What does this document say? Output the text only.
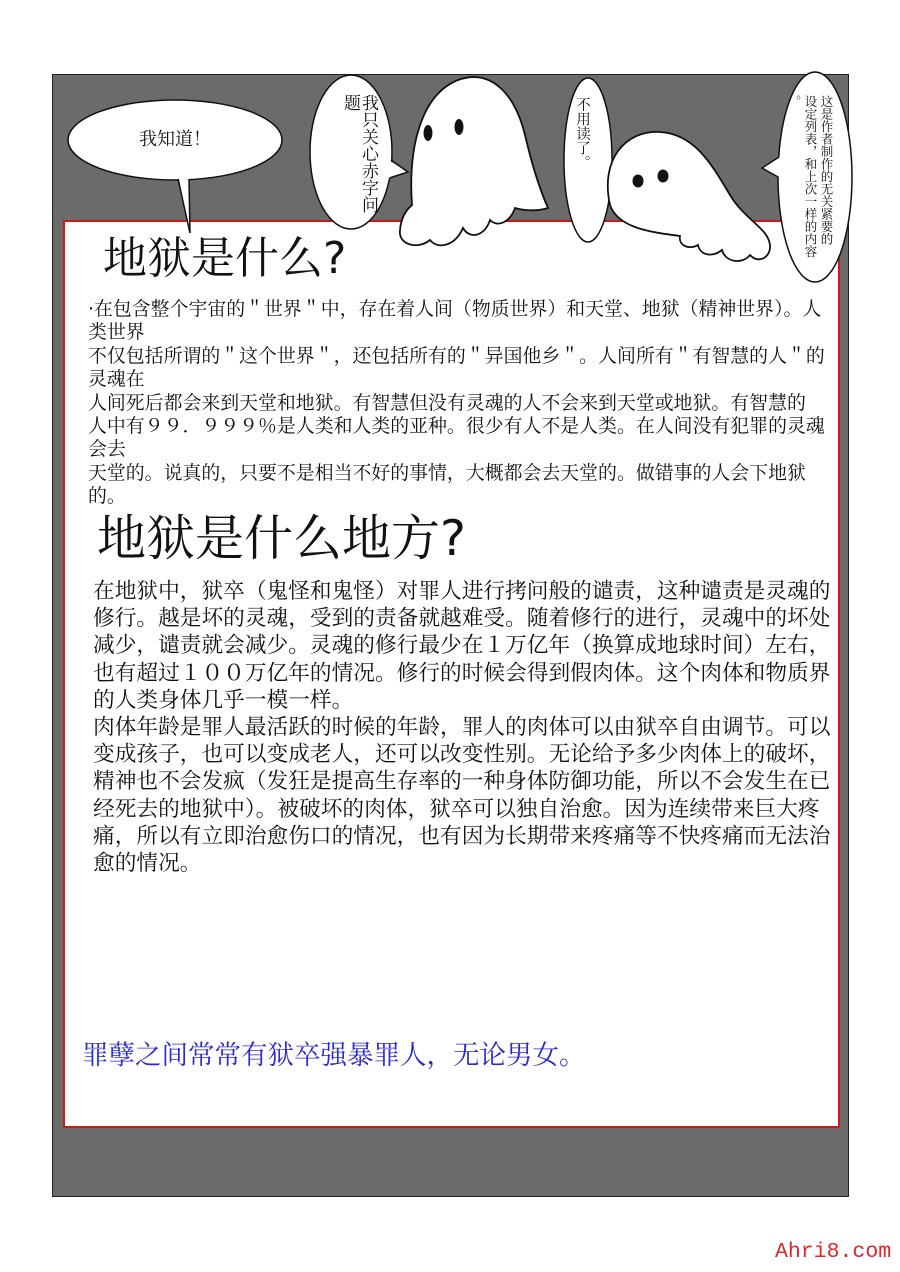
我知道！	我只关心赤字问题	不用读了。	这是作者制作的无关紧要的
设定列表，和上次一样的内容。
地狱是什么?
·在包含整个宇宙的＂世界＂中，存在着人间（物质世界）和天堂、地狱（精神世界）。人类世界
不仅包括所谓的＂这个世界＂，还包括所有的＂异国他乡＂。人间所有＂有智慧的人＂的灵魂在
人间死后都会来到天堂和地狱。有智慧但没有灵魂的人不会来到天堂或地狱。有智慧的
人中有９９．９９９％是人类和人类的亚种。很少有人不是人类。在人间没有犯罪的灵魂会去
天堂的。说真的，只要不是相当不好的事情，大概都会去天堂的。做错事的人会下地狱的。
地狱是什么地方?

在地狱中，狱卒（鬼怪和鬼怪）对罪人进行拷问般的谴责，这种谴责是灵魂的修行。越是坏的灵魂，受到的责备就越难受。随着修行的进行，灵魂中的坏处减少，谴责就会减少。灵魂的修行最少在１万亿年（换算成地球时间）左右，也有超过１００万亿年的情况。修行的时候会得到假肉体。这个肉体和物质界的人类身体几乎一模一样。

肉体年龄是罪人最活跃的时候的年龄，罪人的肉体可以由狱卒自由调节。可以变成孩子，也可以变成老人，还可以改变性别。无论给予多少肉体上的破坏，精神也不会发疯（发狂是提高生存率的一种身体防御功能，所以不会发生在已经死去的地狱中）。被破坏的肉体，狱卒可以独自治愈。因为连续带来巨大疼痛，所以有立即治愈伤口的情况，也有因为长期带来疼痛等不快疼痛而无法治愈的情况。

罪孽之间常常有狱卒强暴罪人，无论男女。
Ahri8.com
